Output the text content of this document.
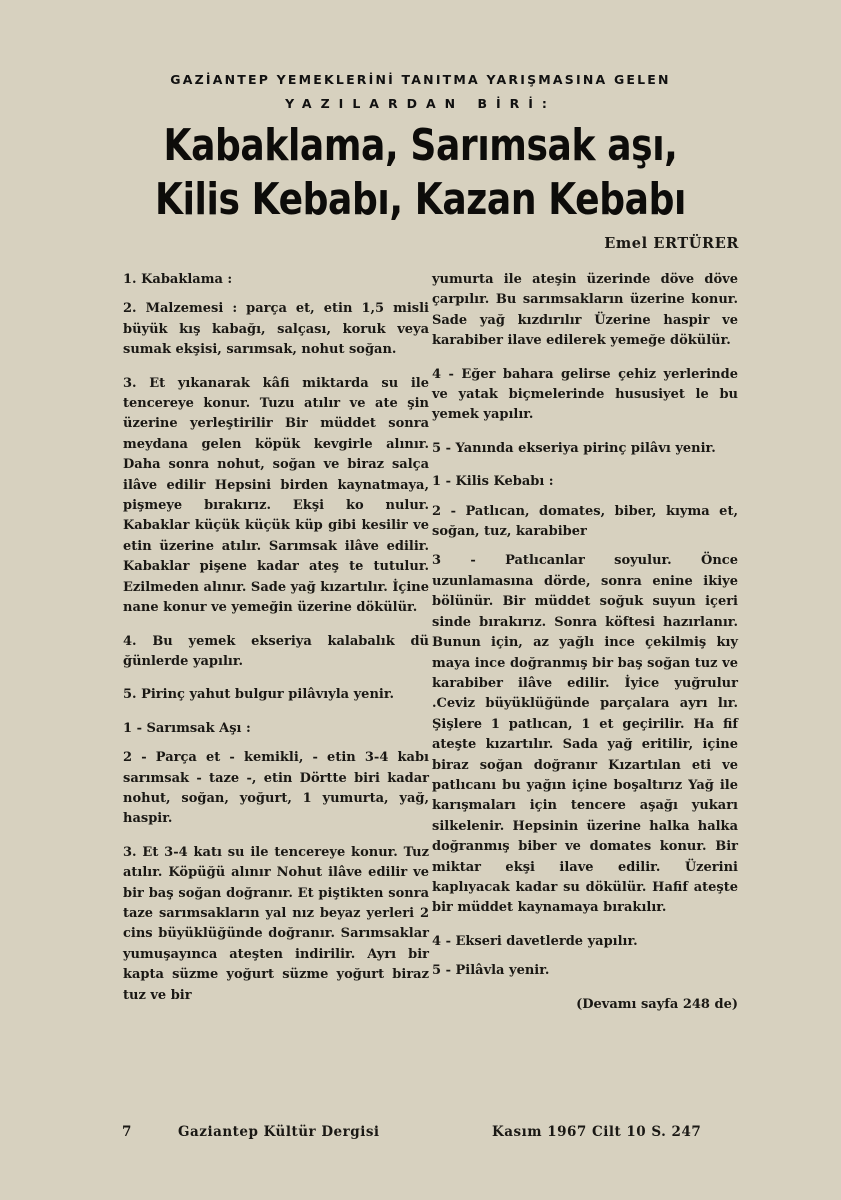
GAZİANTEP YEMEKLERİNİ TANITMA YARIŞMASINA GELEN
YAZILARDAN BİRİ:
Kabaklama, Sarımsak aşı,
Kilis Kebabı, Kazan Kebabı
Emel ERTÜRER

1. Kabaklama :

2. Malzemesi : parça et, etin 1,5 misli büyük kış kabağı, salçası, koruk veya sumak ekşisi, sarımsak, nohut soğan.

3. Et yıkanarak kâfi miktarda su ile tencereye konur. Tuzu atılır ve ate şin üzerine yerleştirilir Bir müddet sonra meydana gelen köpük kevgirle alınır. Daha sonra nohut, soğan ve biraz salça ilâve edilir Hepsini birden kaynatmaya, pişmeye bırakırız. Ekşi ko nulur. Kabaklar küçük küçük küp gibi kesilir ve etin üzerine atılır. Sarımsak ilâve edilir. Kabaklar pişene kadar ateş te tutulur. Ezilmeden alınır. Sade yağ kızartılır. İçine nane konur ve yemeğin üzerine dökülür.

4. Bu yemek ekseriya kalabalık dü ğünlerde yapılır.

5. Pirinç yahut bulgur pilâvıyla yenir.

1 - Sarımsak Aşı :

2 - Parça et - kemikli, - etin 3-4 kabı sarımsak - taze -, etin Dörtte biri kadar nohut, soğan, yoğurt, 1 yumurta, yağ, haspir.

3. Et 3-4 katı su ile tencereye konur. Tuz atılır. Köpüğü alınır Nohut ilâve edilir ve bir baş soğan doğranır. Et piştikten sonra taze sarımsakların yal nız beyaz yerleri 2 cins büyüklüğünde doğranır. Sarımsaklar yumuşayınca ateşten indirilir. Ayrı bir kapta süzme yoğurt süzme yoğurt biraz tuz ve bir

yumurta ile ateşin üzerinde döve döve çarpılır. Bu sarımsakların üzerine konur. Sade yağ kızdırılır Üzerine haspir ve karabiber ilave edilerek yemeğe dökülür.

4 - Eğer bahara gelirse çehiz yerlerinde ve yatak biçmelerinde hususiyet le bu yemek yapılır.

5 - Yanında ekseriya pirinç pilâvı yenir.

1 - Kilis Kebabı :

2 - Patlıcan, domates, biber, kıyma et, soğan, tuz, karabiber

3 - Patlıcanlar soyulur. Önce uzunlamasına dörde, sonra enine ikiye bölünür. Bir müddet soğuk suyun içeri sinde bırakırız. Sonra köftesi hazırlanır. Bunun için, az yağlı ince çekilmiş kıy maya ince doğranmış bir baş soğan tuz ve karabiber ilâve edilir. İyice yuğrulur .Ceviz büyüklüğünde parçalara ayrı lır. Şişlere 1 patlıcan, 1 et geçirilir. Ha fif ateşte kızartılır. Sada yağ eritilir, içine biraz soğan doğranır Kızartılan eti ve patlıcanı bu yağın içine boşaltırız Yağ ile karışmaları için tencere aşağı yukarı silkelenir. Hepsinin üzerine halka halka doğranmış biber ve domates konur. Bir miktar ekşi ilave edilir. Üzerini kaplıyacak kadar su dökülür. Hafif ateşte bir müddet kaynamaya bırakılır.

4 - Ekseri davetlerde yapılır.

5 - Pilâvla yenir.

(Devamı sayfa 248 de)

7	Gaziantep Kültür Dergisi	Kasım 1967 Cilt 10 S. 247
